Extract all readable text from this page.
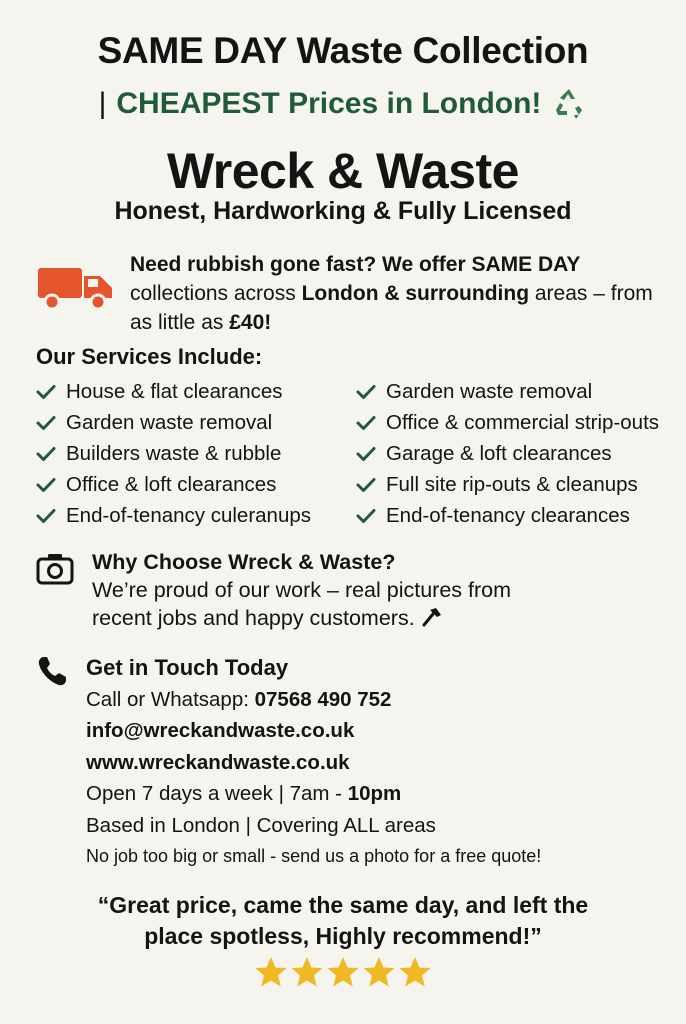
SAME DAY Waste Collection
| CHEAPEST Prices in London!
Wreck & Waste
Honest, Hardworking & Fully Licensed
Need rubbish gone fast? We offer SAME DAY collections across London & surrounding areas – from as little as £40!
Our Services Include:
House & flat clearances	Garden waste removal
Garden waste removal	Office & commercial strip-outs
Builders waste & rubble	Garage & loft clearances
Office & loft clearances	Full site rip-outs & cleanups
End-of-tenancy culeranups	End-of-tenancy clearances
Why Choose Wreck & Waste?
We’re proud of our work – real pictures from
recent jobs and happy customers.
Get in Touch Today
Call or Whatsapp: 07568 490 752
info@wreckandwaste.co.uk
www.wreckandwaste.co.uk
Open 7 days a week | 7am - 10pm
Based in London | Covering ALL areas
No job too big or small - send us a photo for a free quote!
“Great price, came the same day, and left the
place spotless, Highly recommend!”
